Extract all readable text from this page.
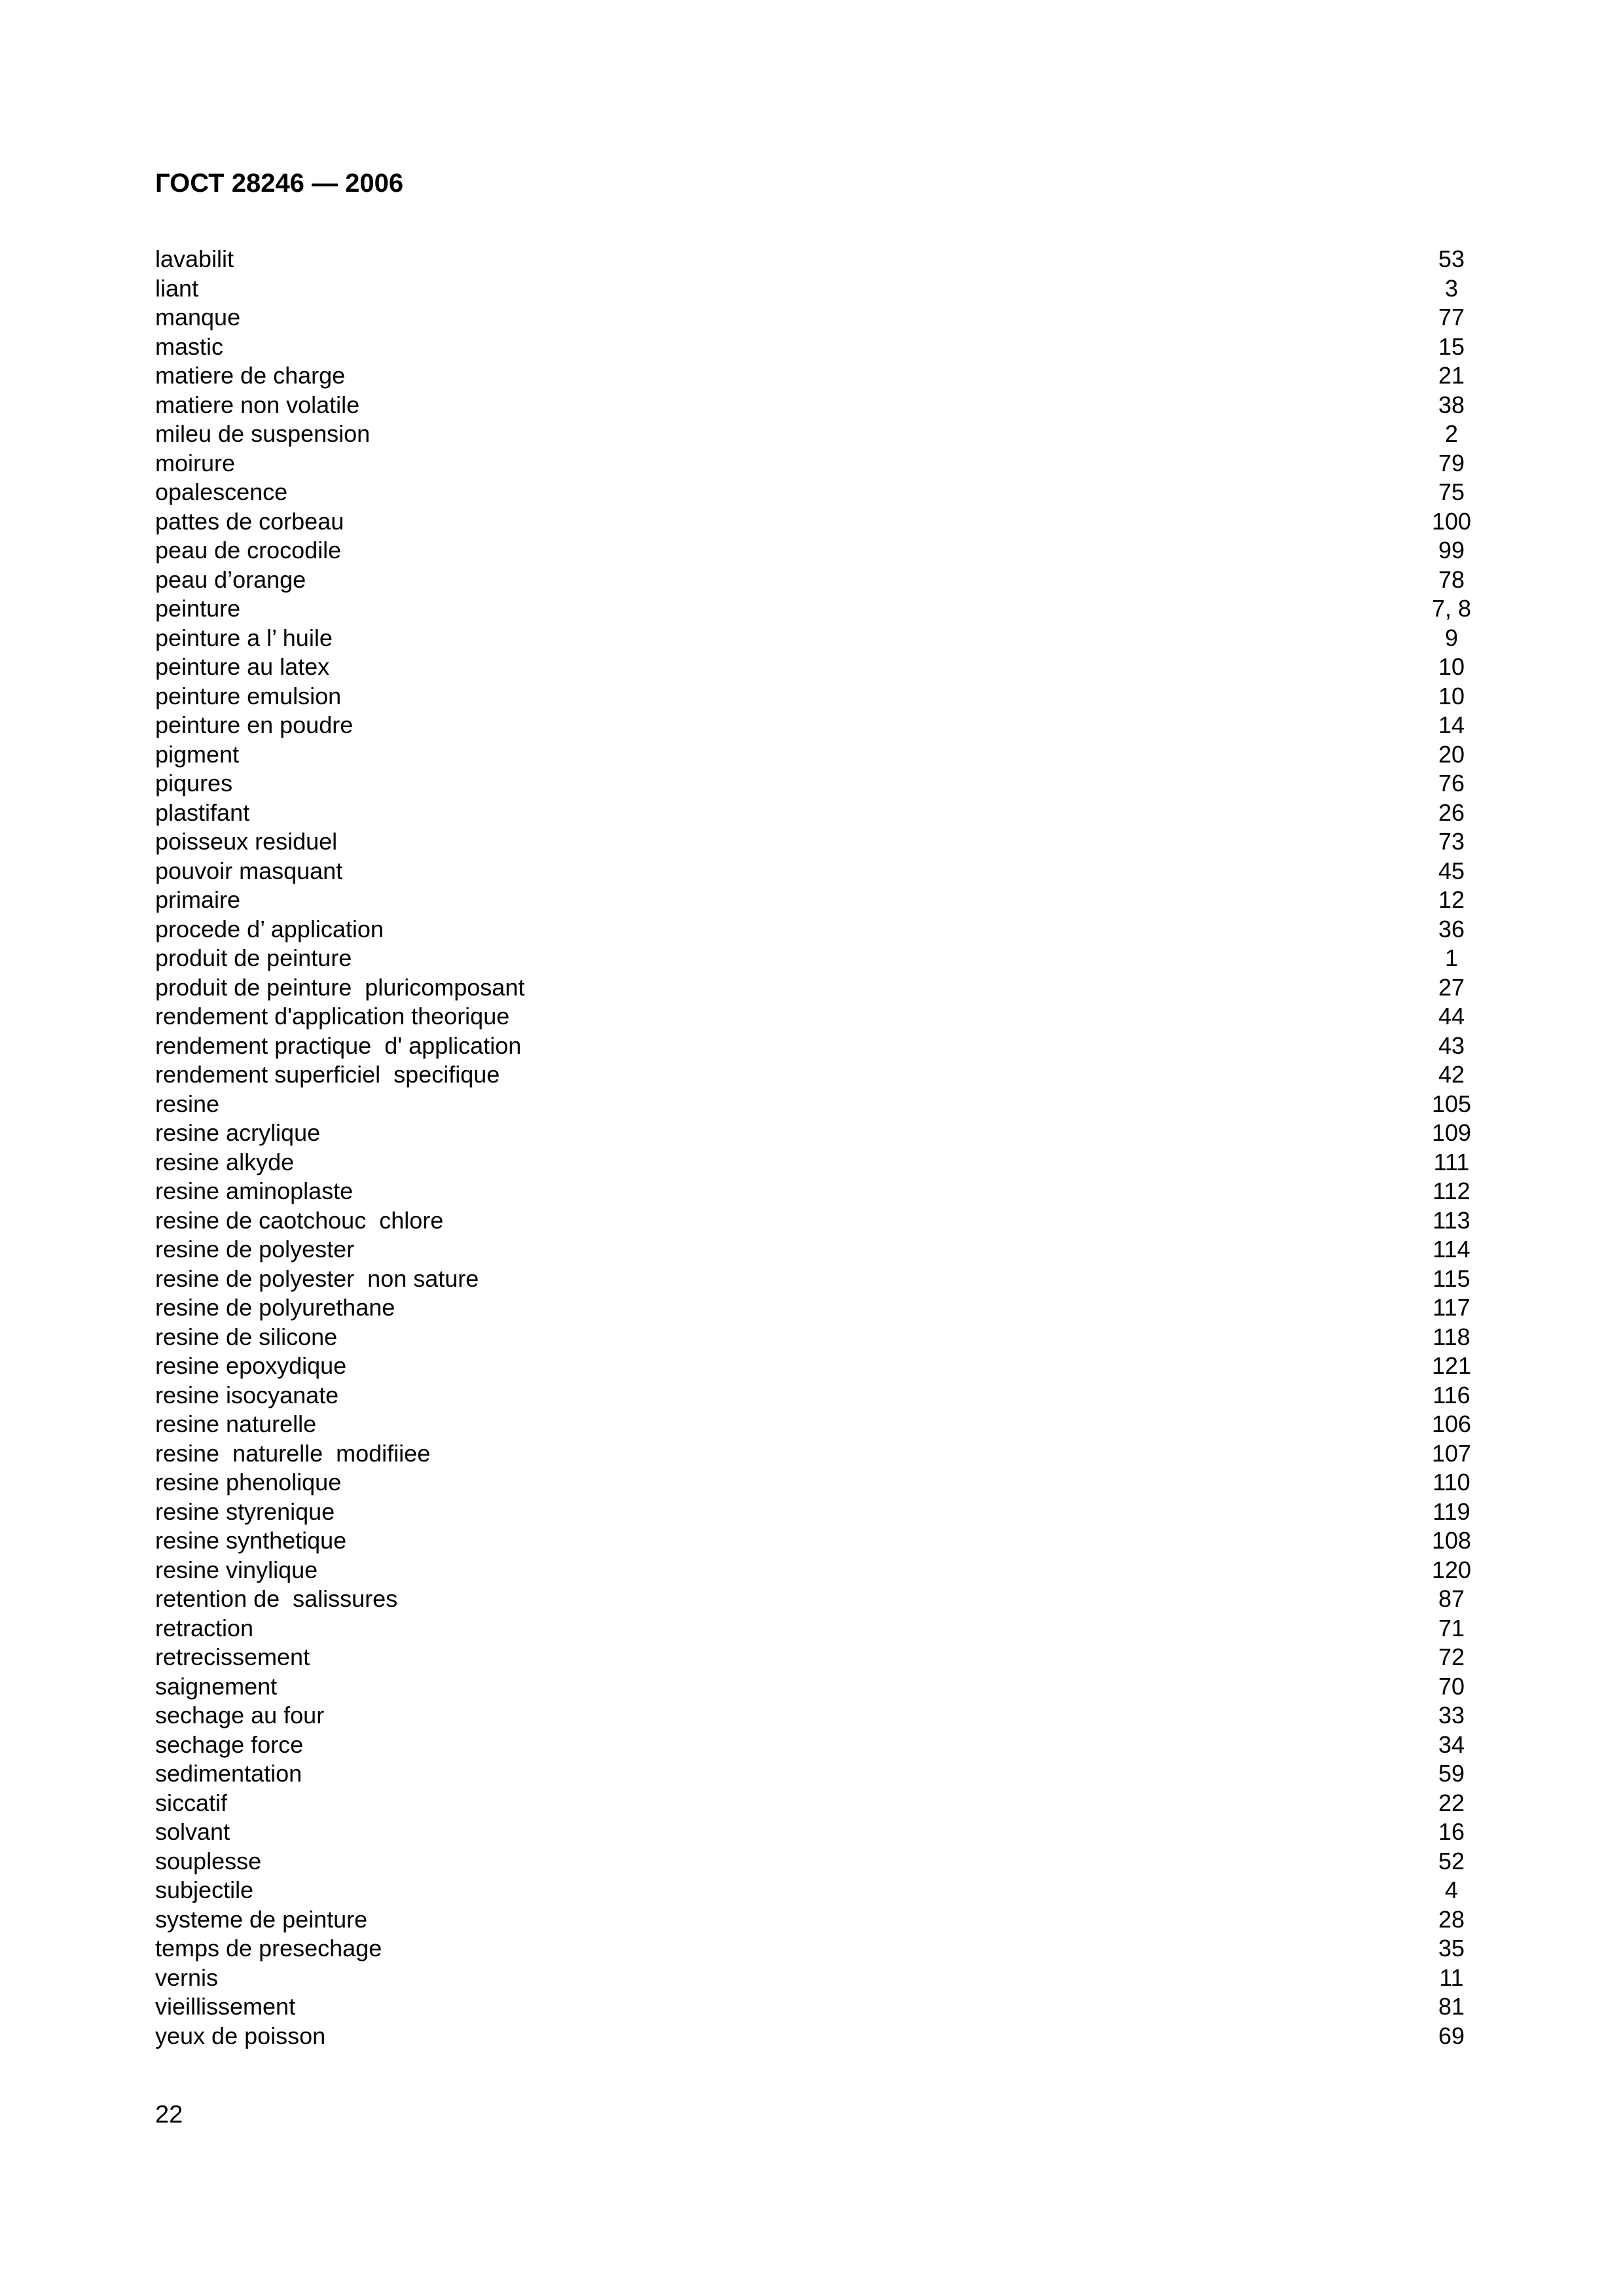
ГОСТ 28246 — 2006
lavabilit	53
liant	3
manque	77
mastic	15
matiere de charge	21
matiere non volatile	38
mileu de suspension	2
moirure	79
opalescence	75
pattes de corbeau	100
peau de crocodile	99
peau d’orange	78
peinture	7, 8
peinture a l’ huile	9
peinture au latex	10
peinture emulsion	10
peinture en poudre	14
pigment	20
piqures	76
plastifant	26
poisseux residuel	73
pouvoir masquant	45
primaire	12
procede d’ application	36
produit de peinture	1
produit de peinture  pluricomposant	27
rendement d'application theorique	44
rendement practique  d' application	43
rendement superficiel  specifique	42
resine	105
resine acrylique	109
resine alkyde	111
resine aminoplaste	112
resine de caotchouc  chlore	113
resine de polyester	114
resine de polyester  non sature	115
resine de polyurethane	117
resine de silicone	118
resine epoxydique	121
resine isocyanate	116
resine naturelle	106
resine  naturelle  modifiiee	107
resine phenolique	110
resine styrenique	119
resine synthetique	108
resine vinylique	120
retention de  salissures	87
retraction	71
retrecissement	72
saignement	70
sechage au four	33
sechage force	34
sedimentation	59
siccatif	22
solvant	16
souplesse	52
subjectile	4
systeme de peinture	28
temps de presechage	35
vernis	11
vieillissement	81
yeux de poisson	69
22
